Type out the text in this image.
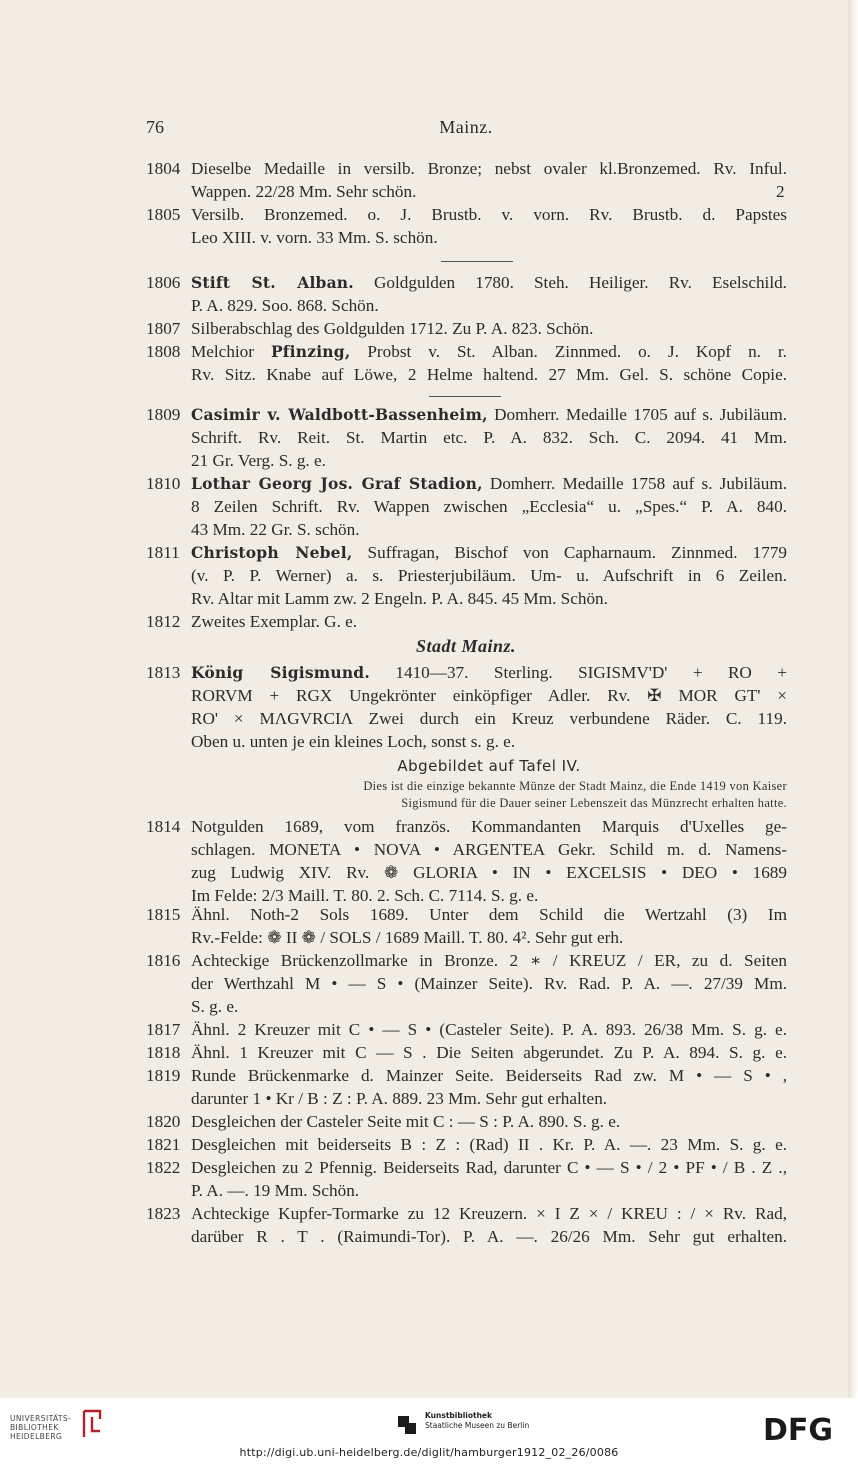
76	Mainz.
1804 Dieselbe Medaille in versilb. Bronze; nebst ovaler kl.Bronzemed. Rv. Inful.
Wappen. 22/28 Mm. Sehr schön.	2
1805 Versilb. Bronzemed. o. J. Brustb. v. vorn. Rv. Brustb. d. Papstes
Leo XIII. v. vorn. 33 Mm. S. schön.
1806 Stift St. Alban. Goldgulden 1780. Steh. Heiliger. Rv. Eselschild.
P. A. 829. Soo. 868. Schön.
1807 Silberabschlag des Goldgulden 1712. Zu P. A. 823. Schön.
1808 Melchior Pfinzing, Probst v. St. Alban. Zinnmed. o. J. Kopf n. r.
Rv. Sitz. Knabe auf Löwe, 2 Helme haltend. 27 Mm. Gel. S. schöne Copie.
1809 Casimir v. Waldbott-Bassenheim, Domherr. Medaille 1705 auf s. Jubiläum.
Schrift. Rv. Reit. St. Martin etc. P. A. 832. Sch. C. 2094. 41 Mm.
21 Gr. Verg. S. g. e.
1810 Lothar Georg Jos. Graf Stadion, Domherr. Medaille 1758 auf s. Jubiläum.
8 Zeilen Schrift. Rv. Wappen zwischen „Ecclesia“ u. „Spes.“ P. A. 840.
43 Mm. 22 Gr. S. schön.
1811 Christoph Nebel, Suffragan, Bischof von Capharnaum. Zinnmed. 1779
(v. P. P. Werner) a. s. Priesterjubiläum. Um- u. Aufschrift in 6 Zeilen.
Rv. Altar mit Lamm zw. 2 Engeln. P. A. 845. 45 Mm. Schön.
1812 Zweites Exemplar. G. e.
Stadt Mainz.
1813 König Sigismund. 1410—37. Sterling. SIGISMV'D' + RO +
RORVM + RGX Ungekrönter einköpfiger Adler. Rv. ✠ MOR GT' ×
RO' × MΛGVRCIΛ Zwei durch ein Kreuz verbundene Räder. C. 119.
Oben u. unten je ein kleines Loch, sonst s. g. e.
Abgebildet auf Tafel IV.
Dies ist die einzige bekannte Münze der Stadt Mainz, die Ende 1419 von Kaiser
Sigismund für die Dauer seiner Lebenszeit das Münzrecht erhalten hatte.
1814 Notgulden 1689, vom französ. Kommandanten Marquis d'Uxelles ge-
schlagen. MONETA • NOVA • ARGENTEA Gekr. Schild m. d. Namens-
zug Ludwig XIV. Rv. ❁ GLORIA • IN • EXCELSIS • DEO • 1689
Im Felde: 2/3 Maill. T. 80. 2. Sch. C. 7114. S. g. e.
1815 Ähnl. Noth-2 Sols 1689. Unter dem Schild die Wertzahl (3) Im
Rv.-Felde: ❁ II ❁ / SOLS / 1689 Maill. T. 80. 4². Sehr gut erh.
1816 Achteckige Brückenzollmarke in Bronze. 2 ∗ / KREUZ / ER, zu d. Seiten
der Werthzahl M • — S • (Mainzer Seite). Rv. Rad. P. A. —. 27/39 Mm.
S. g. e.
1817 Ähnl. 2 Kreuzer mit C • — S • (Casteler Seite). P. A. 893. 26/38 Mm. S. g. e.
1818 Ähnl. 1 Kreuzer mit C — S . Die Seiten abgerundet. Zu P. A. 894. S. g. e.
1819 Runde Brückenmarke d. Mainzer Seite. Beiderseits Rad zw. M • — S • ,
darunter 1 • Kr / B : Z : P. A. 889. 23 Mm. Sehr gut erhalten.
1820 Desgleichen der Casteler Seite mit C : — S : P. A. 890. S. g. e.
1821 Desgleichen mit beiderseits B : Z : (Rad) II . Kr. P. A. —. 23 Mm. S. g. e.
1822 Desgleichen zu 2 Pfennig. Beiderseits Rad, darunter C • — S • / 2 • PF • / B . Z .,
P. A. —. 19 Mm. Schön.
1823 Achteckige Kupfer-Tormarke zu 12 Kreuzern. × I Z × / KREU : / × Rv. Rad,
darüber R . T . (Raimundi-Tor). P. A. —. 26/26 Mm. Sehr gut erhalten.
UNIVERSITÄTS-
BIBLIOTHEK
HEIDELBERG
Kunstbibliothek
Staatliche Museen zu Berlin	DFG
http://digi.ub.uni-heidelberg.de/diglit/hamburger1912_02_26/0086
